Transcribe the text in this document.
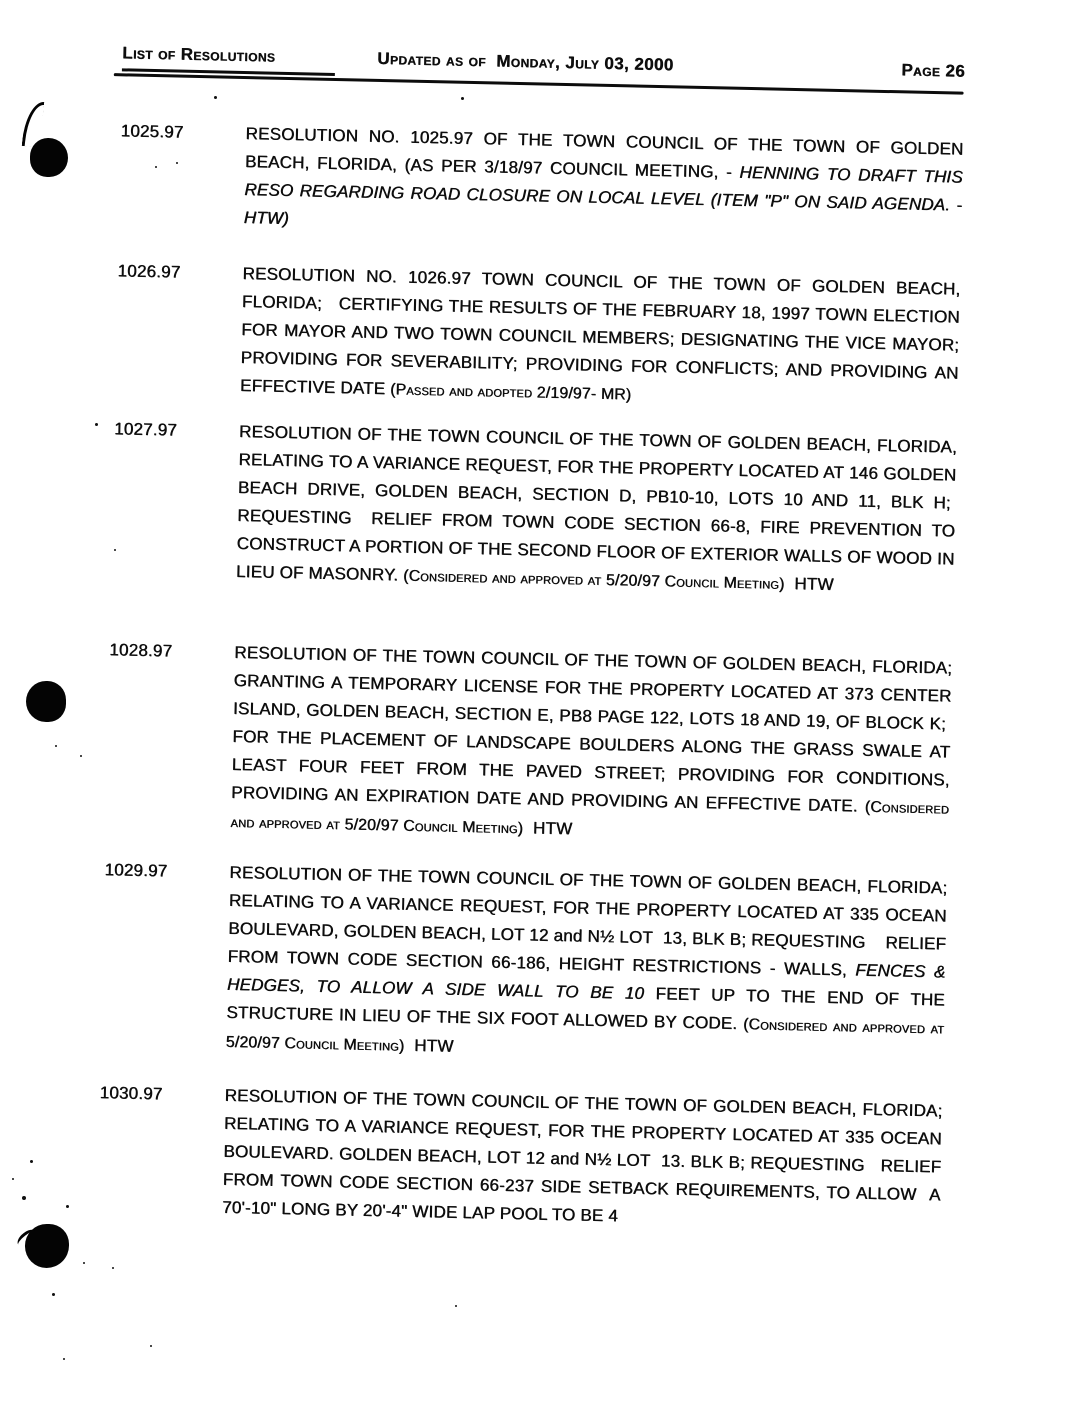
List of Resolutions	Updated as of  Monday, July 03, 2000	Page 26
1025.97	RESOLUTION NO. 1025.97 OF THE TOWN COUNCIL OF THE TOWN OF GOLDEN BEACH, FLORIDA, (AS PER 3/18/97 COUNCIL MEETING, - HENNING TO DRAFT THIS RESO REGARDING ROAD CLOSURE ON LOCAL LEVEL (ITEM "P" ON SAID AGENDA. - HTW)
1026.97	RESOLUTION NO. 1026.97 TOWN COUNCIL OF THE TOWN OF GOLDEN BEACH, FLORIDA;   CERTIFYING THE RESULTS OF THE FEBRUARY 18, 1997 TOWN ELECTION FOR MAYOR AND TWO TOWN COUNCIL MEMBERS; DESIGNATING THE VICE MAYOR; PROVIDING FOR SEVERABILITY; PROVIDING FOR CONFLICTS; AND PROVIDING AN EFFECTIVE DATE (Passed and adopted 2/19/97- MR)
1027.97	RESOLUTION OF THE TOWN COUNCIL OF THE TOWN OF GOLDEN BEACH, FLORIDA, RELATING TO A VARIANCE REQUEST, FOR THE PROPERTY LOCATED AT 146 GOLDEN BEACH DRIVE, GOLDEN BEACH, SECTION D, PB10-10, LOTS 10 AND 11, BLK H;  REQUESTING  RELIEF FROM TOWN CODE SECTION 66-8, FIRE PREVENTION TO CONSTRUCT A PORTION OF THE SECOND FLOOR OF EXTERIOR WALLS OF WOOD IN LIEU OF MASONRY. (Considered and approved at 5/20/97 Council Meeting)  HTW
1028.97	RESOLUTION OF THE TOWN COUNCIL OF THE TOWN OF GOLDEN BEACH, FLORIDA; GRANTING A TEMPORARY LICENSE FOR THE PROPERTY LOCATED AT 373 CENTER ISLAND, GOLDEN BEACH, SECTION E, PB8 PAGE 122, LOTS 18 AND 19, OF BLOCK K;  FOR THE PLACEMENT OF LANDSCAPE BOULDERS ALONG THE GRASS SWALE AT LEAST FOUR FEET FROM THE PAVED STREET; PROVIDING FOR CONDITIONS, PROVIDING AN EXPIRATION DATE AND PROVIDING AN EFFECTIVE DATE. (Considered and approved at 5/20/97 Council Meeting)  HTW
1029.97	RESOLUTION OF THE TOWN COUNCIL OF THE TOWN OF GOLDEN BEACH, FLORIDA; RELATING TO A VARIANCE REQUEST, FOR THE PROPERTY LOCATED AT 335 OCEAN BOULEVARD, GOLDEN BEACH, LOT 12 and N½ LOT  13, BLK B; REQUESTING    RELIEF FROM TOWN CODE SECTION 66-186, HEIGHT RESTRICTIONS - WALLS, FENCES & HEDGES, TO ALLOW A SIDE WALL TO BE 10 FEET UP TO THE END OF THE STRUCTURE IN LIEU OF THE SIX FOOT ALLOWED BY CODE. (Considered and approved at 5/20/97 Council Meeting)  HTW
1030.97	RESOLUTION OF THE TOWN COUNCIL OF THE TOWN OF GOLDEN BEACH, FLORIDA; RELATING TO A VARIANCE REQUEST, FOR THE PROPERTY LOCATED AT 335 OCEAN BOULEVARD. GOLDEN BEACH, LOT 12 and N½ LOT  13. BLK B; REQUESTING   RELIEF FROM TOWN CODE SECTION 66-237 SIDE SETBACK REQUIREMENTS, TO ALLOW  A 70'-10" LONG BY 20'-4" WIDE LAP POOL TO BE 4
